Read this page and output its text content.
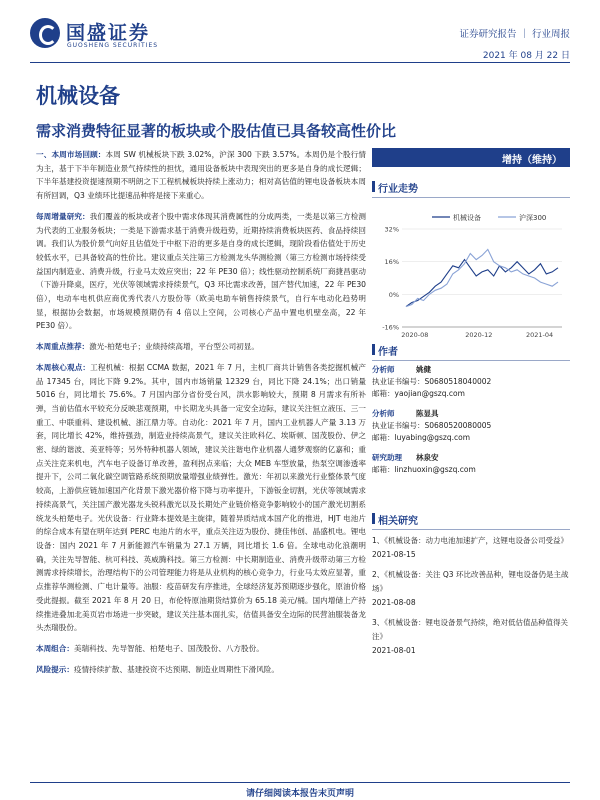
国盛证券
GUOSHENG SECURITIES
证券研究报告 ｜ 行业周报
2021 年 08 月 22 日
机械设备
需求消费特征显著的板块或个股估值已具备较高性价比

一、本周市场回顾：本周 SW 机械板块下跌 3.02%，沪深 300 下跌 3.57%。本周仍是个股行情为主，基于下半年制造业景气持续性的担忧，通用设备板块中表现突出的更多是自身的成长逻辑；下半年基建投资提速预期不明朗之下工程机械板块持续上涨动力；相对高估值的锂电设备板块本周有所回调，Q3 业绩环比提速品种将是接下来重心。

每周增量研究：我们覆盖的板块或者个股中需求体现其消费属性的分成两类，一类是以第三方检测为代表的工业服务板块；一类是下游需求基于消费升级趋势，近期持续消费板块医药、食品持续回调。我们认为股价景气向好且估值处于中枢下沿的更多是自身的成长逻辑，现阶段看估值处于历史较低水平，已具备较高的性价比。建议重点关注第三方检测龙头华测检测（第三方检测市场持续受益国内制造业、消费升级，行业马太效应突出；22 年 PE30 倍）；线性驱动控制系统厂商捷昌驱动（下游升降桌，医疗，光伏等领域需求持续景气，Q3 环比需求改善，国产替代加速，22 年 PE30 倍），电动车电机供应商优秀代表八方股份等（欧美电助车销售持续景气，自行车电动化趋势明显，根据协会数据，市场规模预期仍有 4 倍以上空间，公司核心产品中置电机壁垒高，22 年 PE30 倍）。

本周重点推荐：激光-柏楚电子；业绩持续高增，平台型公司初显。

本周核心观点：工程机械：根据 CCMA 数据，2021 年 7 月，主机厂商共计销售各类挖掘机械产品 17345 台，同比下降 9.2%。其中，国内市场销量 12329 台，同比下降 24.1%；出口销量 5016 台，同比增长 75.6%。7 月国内部分省份受台风，洪水影响较大，预期 8 月需求有所补弹，当前估值水平较充分反映悲观预期，中长期龙头具备一定安全边际，建议关注恒立液压、三一重工、中联重科、建设机械、浙江鼎力等。自动化：2021 年 7 月，国内工业机器人产量 3.13 万套，同比增长 42%，维持强劲，制造业持续高景气，建议关注欧科亿、埃斯顿、国茂股份、伊之密、绿的谐波、美亚特等；另外特种机器人领域，建议关注谐电作业机器人通梦观察的亿嘉和；重点关注克来机电，汽车电子设备订单改善，盈利拐点来临；大众 MEB 车型放量，热泵空调渗透率提升下，公司二氧化碳空调管路系统预期放量增强业绩弹性。激光：年初以来激光行业整体景气度较高，上游供应链加速国产化背景下激光器价格下降与功率提升，下游钣金切割，光伏等领域需求持续高景气，关注国产激光器龙头锐科激光以及长期处产业链价格竞争影响较小的国产激光切割系统龙头柏楚电子。光伏设备：行业降本提效是主旋律，随着异质结成本国产化的推进，HJT 电池片的综合成本有望在明年达到 PERC 电池片的水平，重点关注迈为股份、捷佳伟创、晶盛机电。锂电设备：国内 2021 年 7 月新能源汽车销量为 27.1 万辆，同比增长 1.6 倍。全球电动化浪潮明确，关注先导智能、杭可科技、英威腾科技。第三方检测：中长期制造业、消费升级带动第三方检测需求持续增长，治理结构下的公司管理能力将是从业机构的核心竞争力，行业马太效应显著，重点推荐华测检测、广电计量等。油服：疫苗研发有序推进，全球经济复苏预期逐步强化，原油价格受此提振。截至 2021 年 8 月 20 日，布伦特原油期货结算价为 65.18 美元/桶。国内增储上产持续推进叠加北美页岩市场进一步突破，建议关注基本面扎实，估值具备安全边际的民营油服装备龙头杰瑞股份。

本周组合：美瑞科技、先导智能、柏楚电子、国茂股份、八方股份。

风险提示：疫情持续扩散、基建投资不达预期、制造业周期性下滑风险。

增持（维持）
行业走势
机械设备	沪深300
32%
16%
0%
-16%
2020-08	2020-12	2021-04
作者
分析师	姚健
执业证书编号： S0680518040002
邮箱： yaojian@gszq.com
分析师	陈显具
执业证书编号： S0680520080005
邮箱： luyabing@gszq.com
研究助理	林泉安
邮箱： linzhuoxin@gszq.com
相关研究

1、《机械设备：动力电池加速扩产，这锂电设备公司受益》
2021-08-15

2、《机械设备：关注 Q3 环比改善品种，锂电设备仍是主战场》
2021-08-08

3、《机械设备：锂电设备景气持续，绝对低估值品种值得关注》
2021-08-01

请仔细阅读本报告末页声明
